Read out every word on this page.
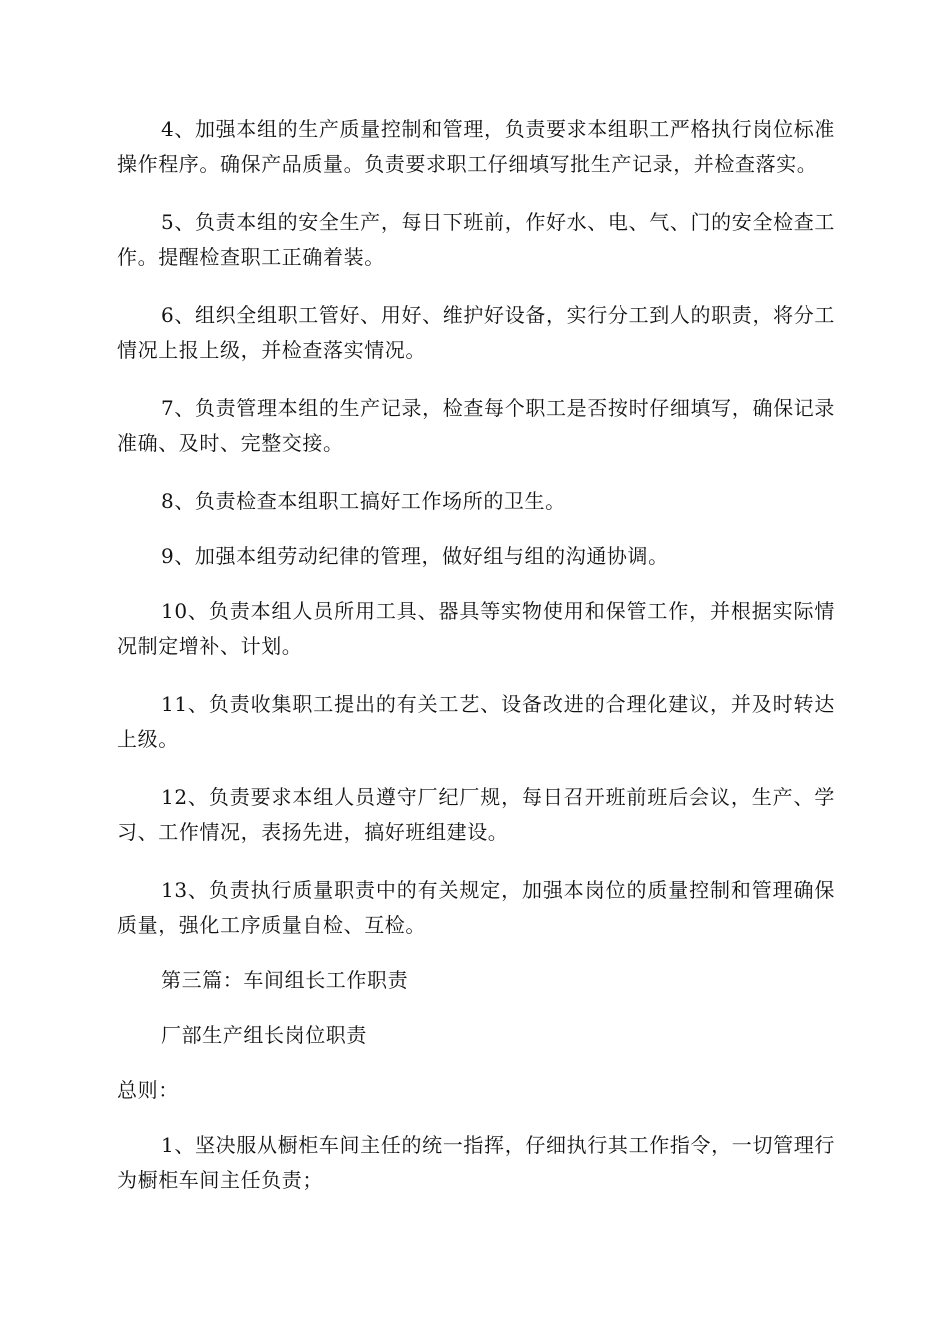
4、加强本组的生产质量控制和管理，负责要求本组职工严格执行岗位标准操作程序。确保产品质量。负责要求职工仔细填写批生产记录，并检查落实。

5、负责本组的安全生产，每日下班前，作好水、电、气、门的安全检查工作。提醒检查职工正确着装。

6、组织全组职工管好、用好、维护好设备，实行分工到人的职责，将分工情况上报上级，并检查落实情况。

7、负责管理本组的生产记录，检查每个职工是否按时仔细填写，确保记录准确、及时、完整交接。

8、负责检查本组职工搞好工作场所的卫生。

9、加强本组劳动纪律的管理，做好组与组的沟通协调。

10、负责本组人员所用工具、器具等实物使用和保管工作，并根据实际情况制定增补、计划。

11、负责收集职工提出的有关工艺、设备改进的合理化建议，并及时转达上级。

12、负责要求本组人员遵守厂纪厂规，每日召开班前班后会议，生产、学习、工作情况，表扬先进，搞好班组建设。

13、负责执行质量职责中的有关规定，加强本岗位的质量控制和管理确保质量，强化工序质量自检、互检。

第三篇：车间组长工作职责

厂部生产组长岗位职责

总则：

1、坚决服从橱柜车间主任的统一指挥，仔细执行其工作指令，一切管理行为橱柜车间主任负责；
